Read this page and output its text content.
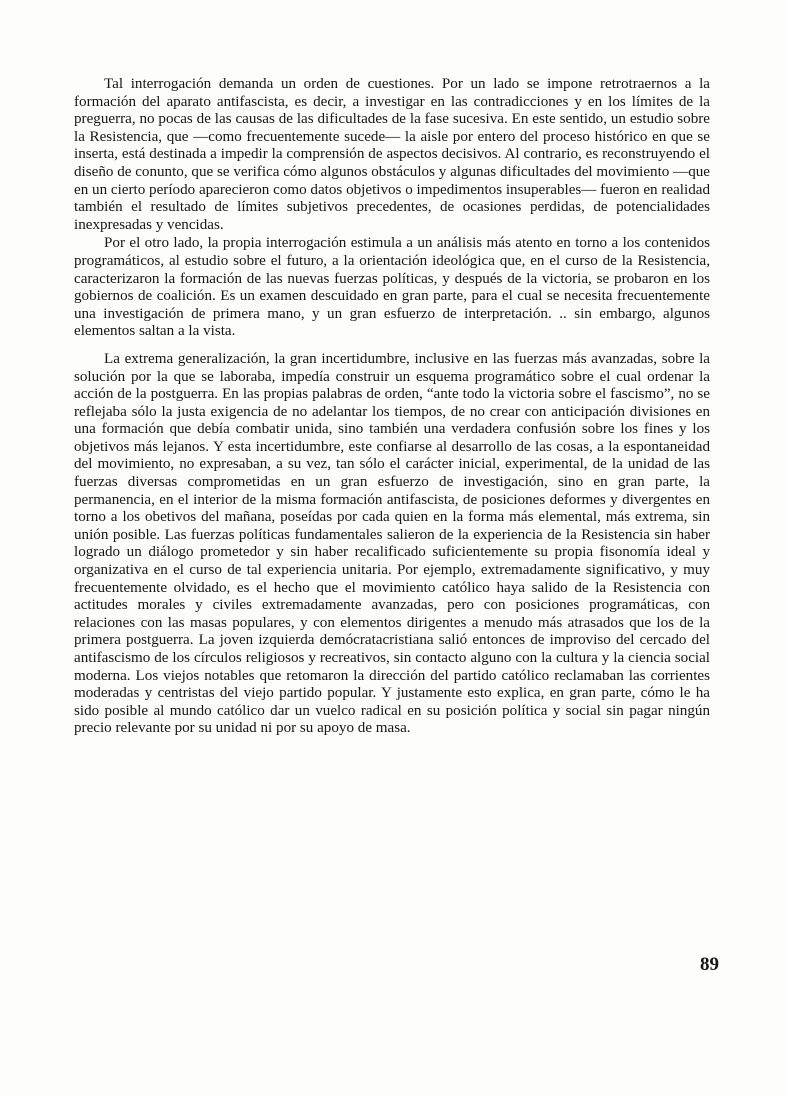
Tal interrogación demanda un orden de cuestiones. Por un lado se impone retrotraernos a la formación del aparato antifascista, es decir, a investigar en las contradicciones y en los límites de la preguerra, no pocas de las causas de las dificultades de la fase sucesiva. En este sentido, un estudio sobre la Resistencia, que —como frecuentemente sucede— la aisle por entero del proceso histórico en que se inserta, está destinada a impedir la comprensión de aspectos decisivos. Al contrario, es reconstruyendo el diseño de conunto, que se verifica cómo algunos obstáculos y algunas dificultades del movimiento —que en un cierto período aparecieron como datos objetivos o impedimentos insuperables— fueron en realidad también el resultado de límites subjetivos precedentes, de ocasiones perdidas, de potencialidades inexpresadas y vencidas.

Por el otro lado, la propia interrogación estimula a un análisis más atento en torno a los contenidos programáticos, al estudio sobre el futuro, a la orientación ideológica que, en el curso de la Resistencia, caracterizaron la formación de las nuevas fuerzas políticas, y después de la victoria, se probaron en los gobiernos de coalición. Es un examen descuidado en gran parte, para el cual se necesita frecuentemente una investigación de primera mano, y un gran esfuerzo de interpretación. .. sin embargo, algunos elementos saltan a la vista.

La extrema generalización, la gran incertidumbre, inclusive en las fuerzas más avanzadas, sobre la solución por la que se laboraba, impedía construir un esquema programático sobre el cual ordenar la acción de la postguerra. En las propias palabras de orden, “ante todo la victoria sobre el fascismo”, no se reflejaba sólo la justa exigencia de no adelantar los tiempos, de no crear con anticipación divisiones en una formación que debía combatir unida, sino también una verdadera confusión sobre los fines y los objetivos más lejanos. Y esta incertidumbre, este confiarse al desarrollo de las cosas, a la espontaneidad del movimiento, no expresaban, a su vez, tan sólo el carácter inicial, experimental, de la unidad de las fuerzas diversas comprometidas en un gran esfuerzo de investigación, sino en gran parte, la permanencia, en el interior de la misma formación antifascista, de posiciones deformes y divergentes en torno a los obetivos del mañana, poseídas por cada quien en la forma más elemental, más extrema, sin unión posible. Las fuerzas políticas fundamentales salieron de la experiencia de la Resistencia sin haber logrado un diálogo prometedor y sin haber recalificado suficientemente su propia fisonomía ideal y organizativa en el curso de tal experiencia unitaria. Por ejemplo, extremadamente significativo, y muy frecuentemente olvidado, es el hecho que el movimiento católico haya salido de la Resistencia con actitudes morales y civiles extremadamente avanzadas, pero con posiciones programáticas, con relaciones con las masas populares, y con elementos dirigentes a menudo más atrasados que los de la primera postguerra. La joven izquierda demócratacristiana salió entonces de improviso del cercado del antifascismo de los círculos religiosos y recreativos, sin contacto alguno con la cultura y la ciencia social moderna. Los viejos notables que retomaron la dirección del partido católico reclamaban las corrientes moderadas y centristas del viejo partido popular. Y justamente esto explica, en gran parte, cómo le ha sido posible al mundo católico dar un vuelco radical en su posición política y social sin pagar ningún precio relevante por su unidad ni por su apoyo de masa.

89
